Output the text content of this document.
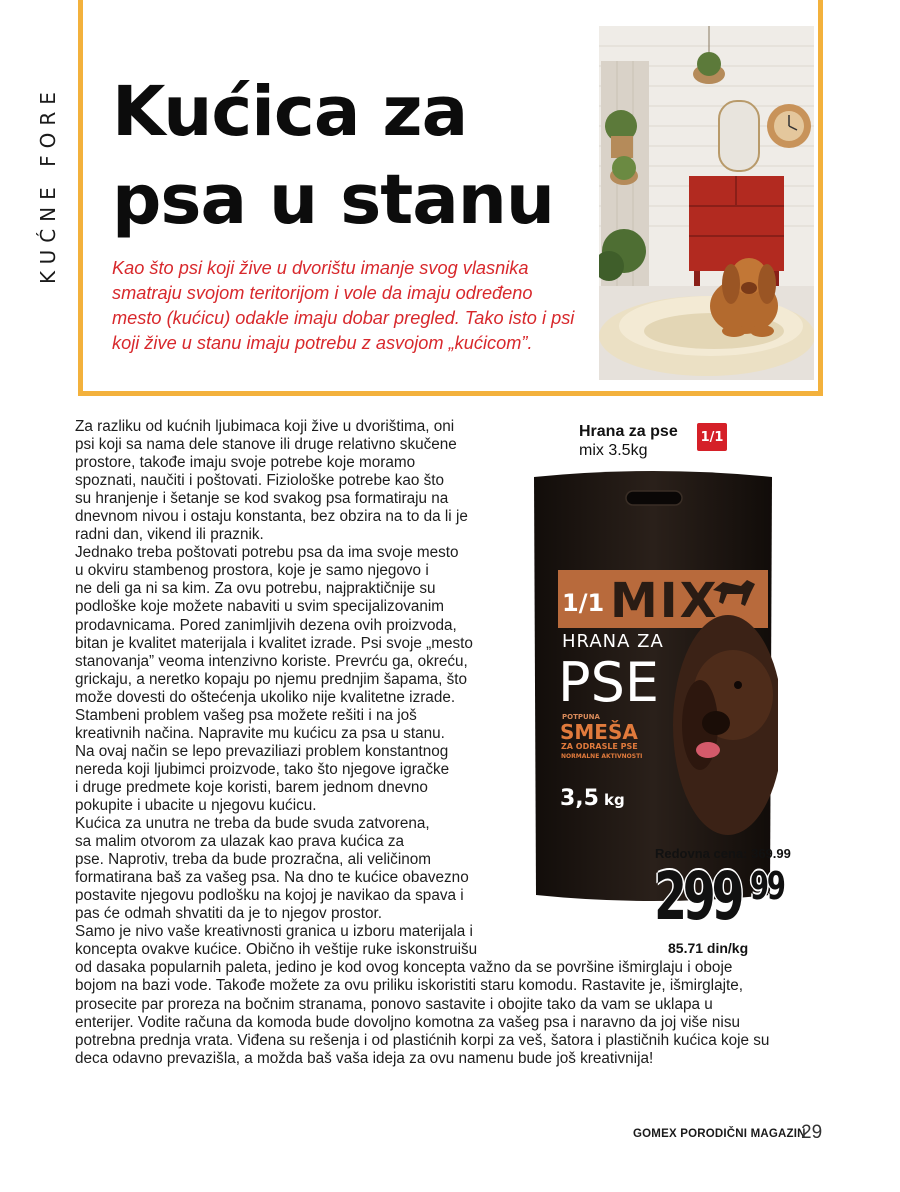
KUĆNE FORE Kućica za
psa u stanu

Kao što psi koji žive u dvorištu imanje svog vlasnika smatraju svojom teritorijom i vole da imaju određeno mesto (kućicu) odakle imaju dobar pregled. Tako isto i psi koji žive u stanu imaju potrebu z asvojom „kućicom”.

Za razliku od kućnih ljubimaca koji žive u dvorištima, oni

psi koji sa nama dele stanove ili druge relativno skučene

prostore, takođe imaju svoje potrebe koje moramo

spoznati, naučiti i poštovati. Fiziološke potrebe kao što

su hranjenje i šetanje se kod svakog psa formatiraju na

dnevnom nivou i ostaju konstanta, bez obzira na to da li je

radni dan, vikend ili praznik.

Jednako treba poštovati potrebu psa da ima svoje mesto

u okviru stambenog prostora, koje je samo njegovo i

ne deli ga ni sa kim. Za ovu potrebu, najpraktičnije su

podloške koje možete nabaviti u svim specijalizovanim

prodavnicama. Pored zanimljivih dezena ovih proizvoda,

bitan je kvalitet materijala i kvalitet izrade. Psi svoje „mesto

stanovanja” veoma intenzivno koriste. Prevrću ga, okreću,

grickaju, a neretko kopaju po njemu prednjim šapama, što

može dovesti do oštećenja ukoliko nije kvalitetne izrade.

Stambeni problem vašeg psa možete rešiti i na još

kreativnih načina. Napravite mu kućicu za psa u stanu.

Na ovaj način se lepo prevaziliazi problem konstantnog

nereda koji ljubimci proizvode, tako što njegove igračke

i druge predmete koje koristi, barem jednom dnevno

pokupite i ubacite u njegovu kućicu.

Kućica za unutra ne treba da bude svuda zatvorena,

sa malim otvorom za ulazak kao prava kućica za

pse. Naprotiv, treba da bude prozračna, ali veličinom

formatirana baš za vašeg psa. Na dno te kućice obavezno

postavite njegovu podlošku na kojoj je navikao da spava i

pas će odmah shvatiti da je to njegov prostor.

Samo je nivo vaše kreativnosti granica u izboru materijala i

koncepta ovakve kućice. Obično ih veštije ruke iskonstruišu

od dasaka popularnih paleta, jedino je kod ovog koncepta važno da se površine išmirglaju i oboje

bojom na bazi vode. Takođe možete za ovu priliku iskoristiti staru komodu. Rastavite je, išmirglajte,

prosecite par proreza na bočnim stranama, ponovo sastavite i obojite tako da vam se uklapa u

enterijer. Vodite računa da komoda bude dovoljno komotna za vašeg psa i naravno da joj više nisu

potrebna prednja vrata. Viđena su rešenja i od plastićnih korpi za veš, šatora i plastičnih kućica koje su

deca odavno prevazišla, a možda baš vaša ideja za ovu namenu bude još kreativnija!

Hrana za pse
mix 3.5kg
1/1
1/1 MIX
HRANA ZA
PSE
POTPUNA
SMEŠA
ZA ODRASLE PSE
NORMALNE AKTIVNOSTI
3,5 kg
Redovna cena: 369.99
299 99
85.71 din/kg
GOMEX PORODIČNI MAGAZIN
29
